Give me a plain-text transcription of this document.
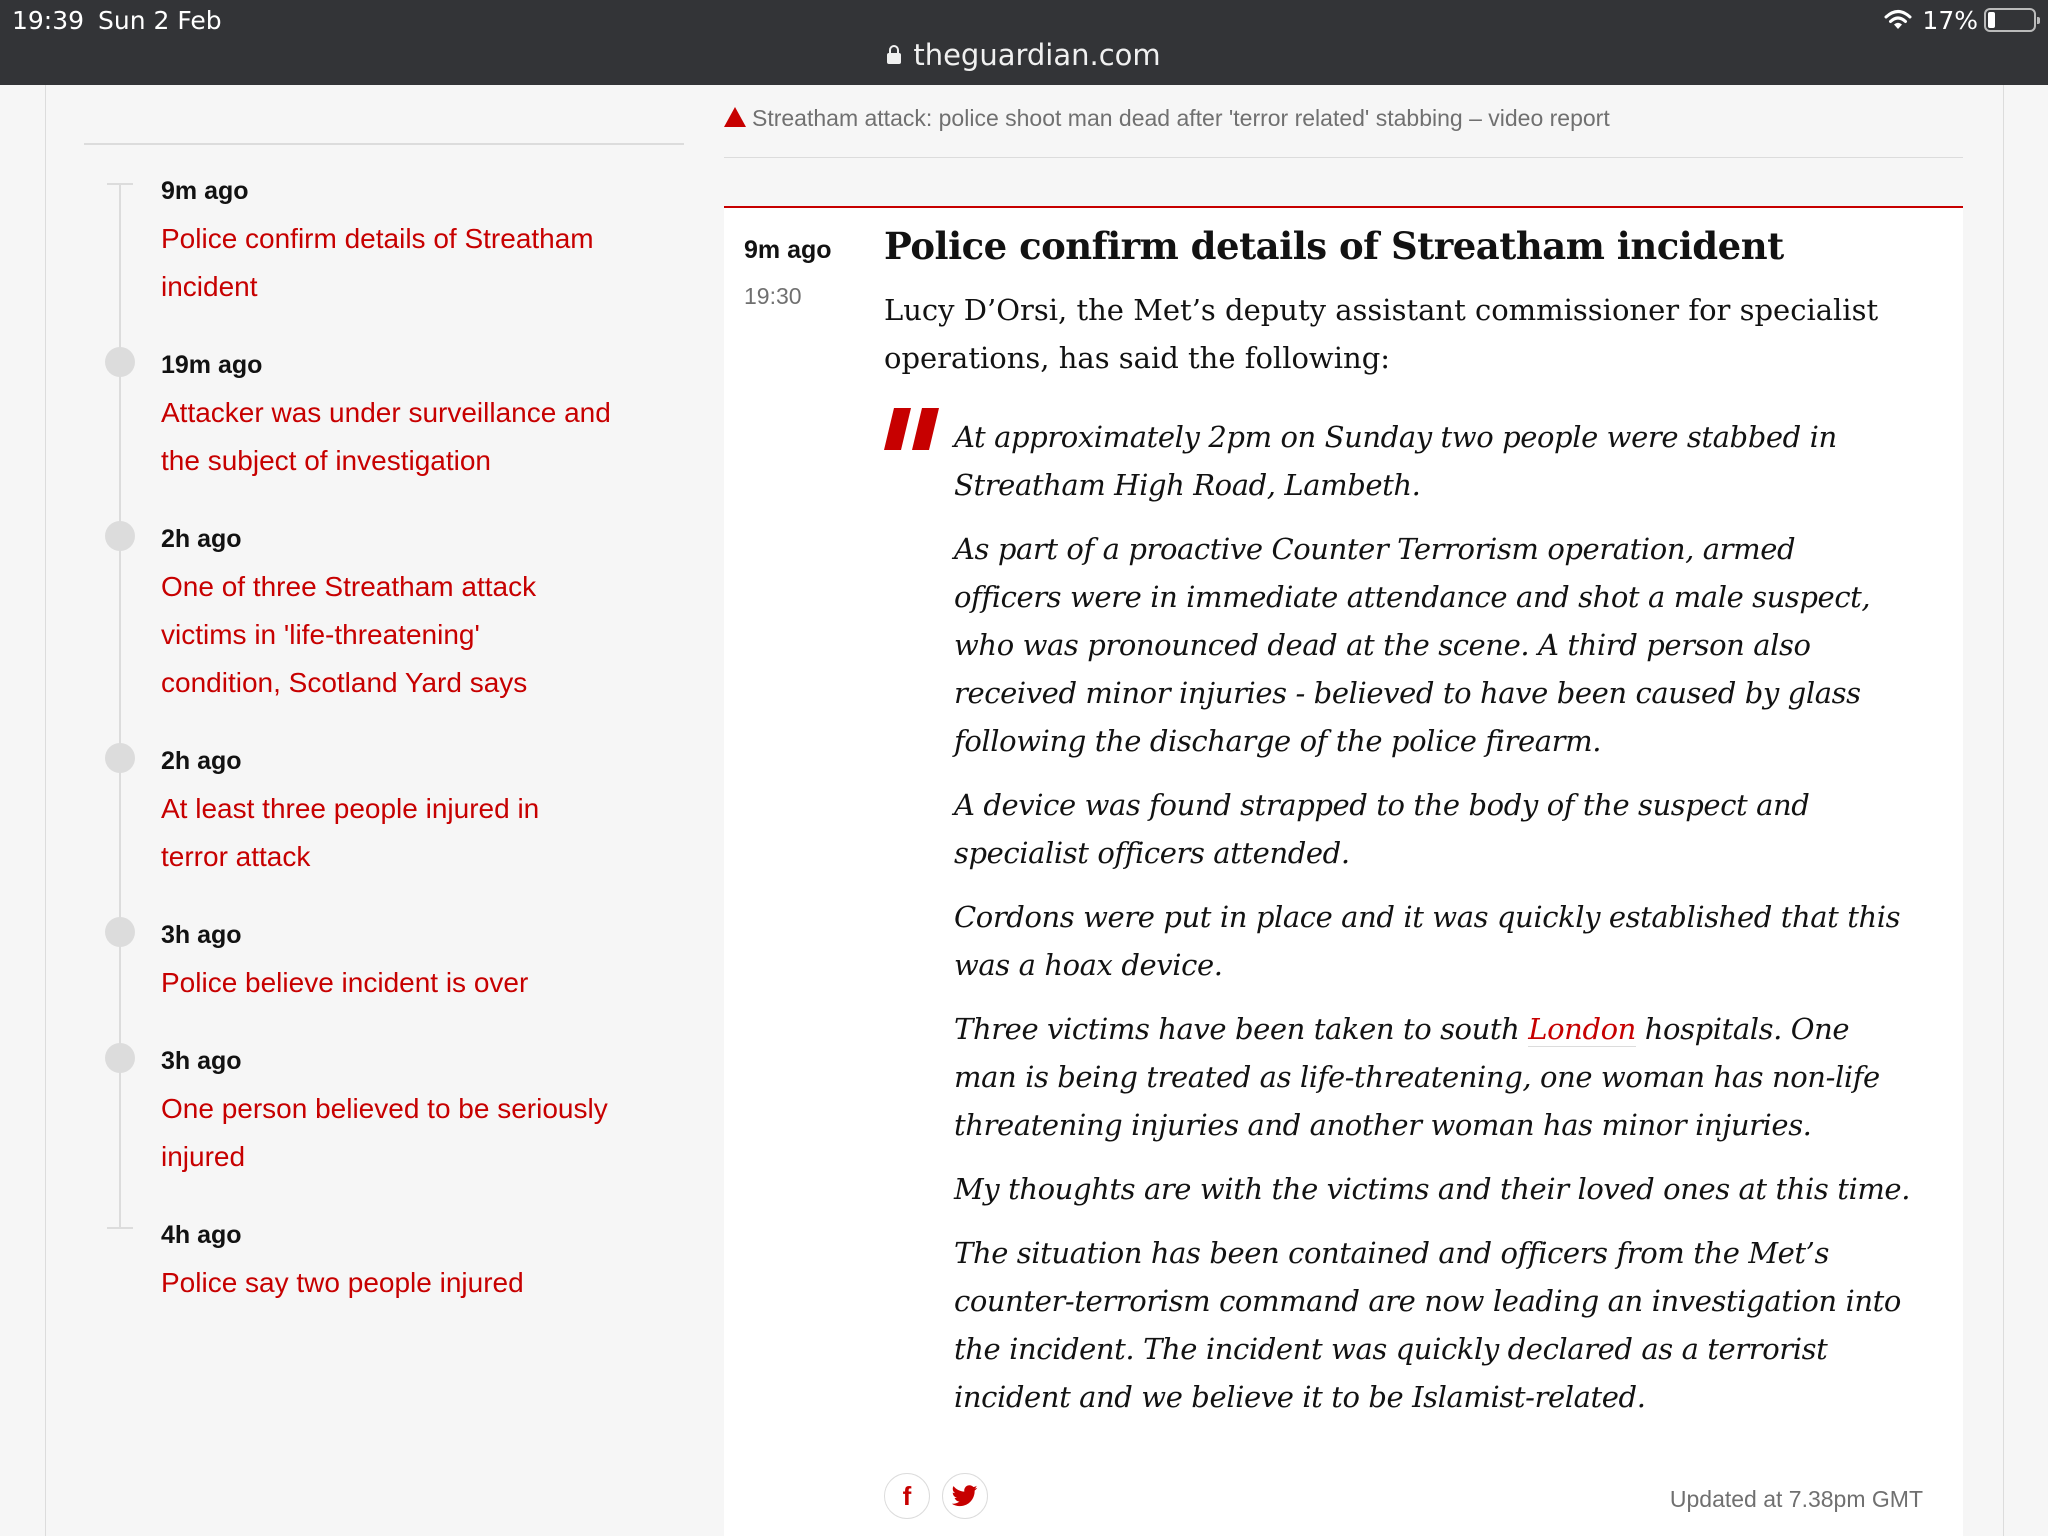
19:39 Sun 2 Feb
theguardian.com
17%
9m ago
Police confirm details of Streatham
incident
19m ago
Attacker was under surveillance and
the subject of investigation
2h ago
One of three Streatham attack
victims in 'life-threatening'
condition, Scotland Yard says
2h ago
At least three people injured in
terror attack
3h ago
Police believe incident is over
3h ago
One person believed to be seriously
injured
4h ago
Police say two people injured
Streatham attack: police shoot man dead after 'terror related' stabbing – video report
9m ago
19:30
Police confirm details of Streatham incident
Lucy D’Orsi, the Met’s deputy assistant commissioner for specialist
operations, has said the following:

At approximately 2pm on Sunday two people were stabbed in
Streatham High Road, Lambeth.

As part of a proactive Counter Terrorism operation, armed
officers were in immediate attendance and shot a male suspect,
who was pronounced dead at the scene. A third person also
received minor injuries - believed to have been caused by glass
following the discharge of the police firearm.

A device was found strapped to the body of the suspect and
specialist officers attended.

Cordons were put in place and it was quickly established that this
was a hoax device.

Three victims have been taken to south London hospitals. One
man is being treated as life-threatening, one woman has non-life
threatening injuries and another woman has minor injuries.

My thoughts are with the victims and their loved ones at this time.

The situation has been contained and officers from the Met’s
counter-terrorism command are now leading an investigation into
the incident. The incident was quickly declared as a terrorist
incident and we believe it to be Islamist-related.

f	Updated at 7.38pm GMT
